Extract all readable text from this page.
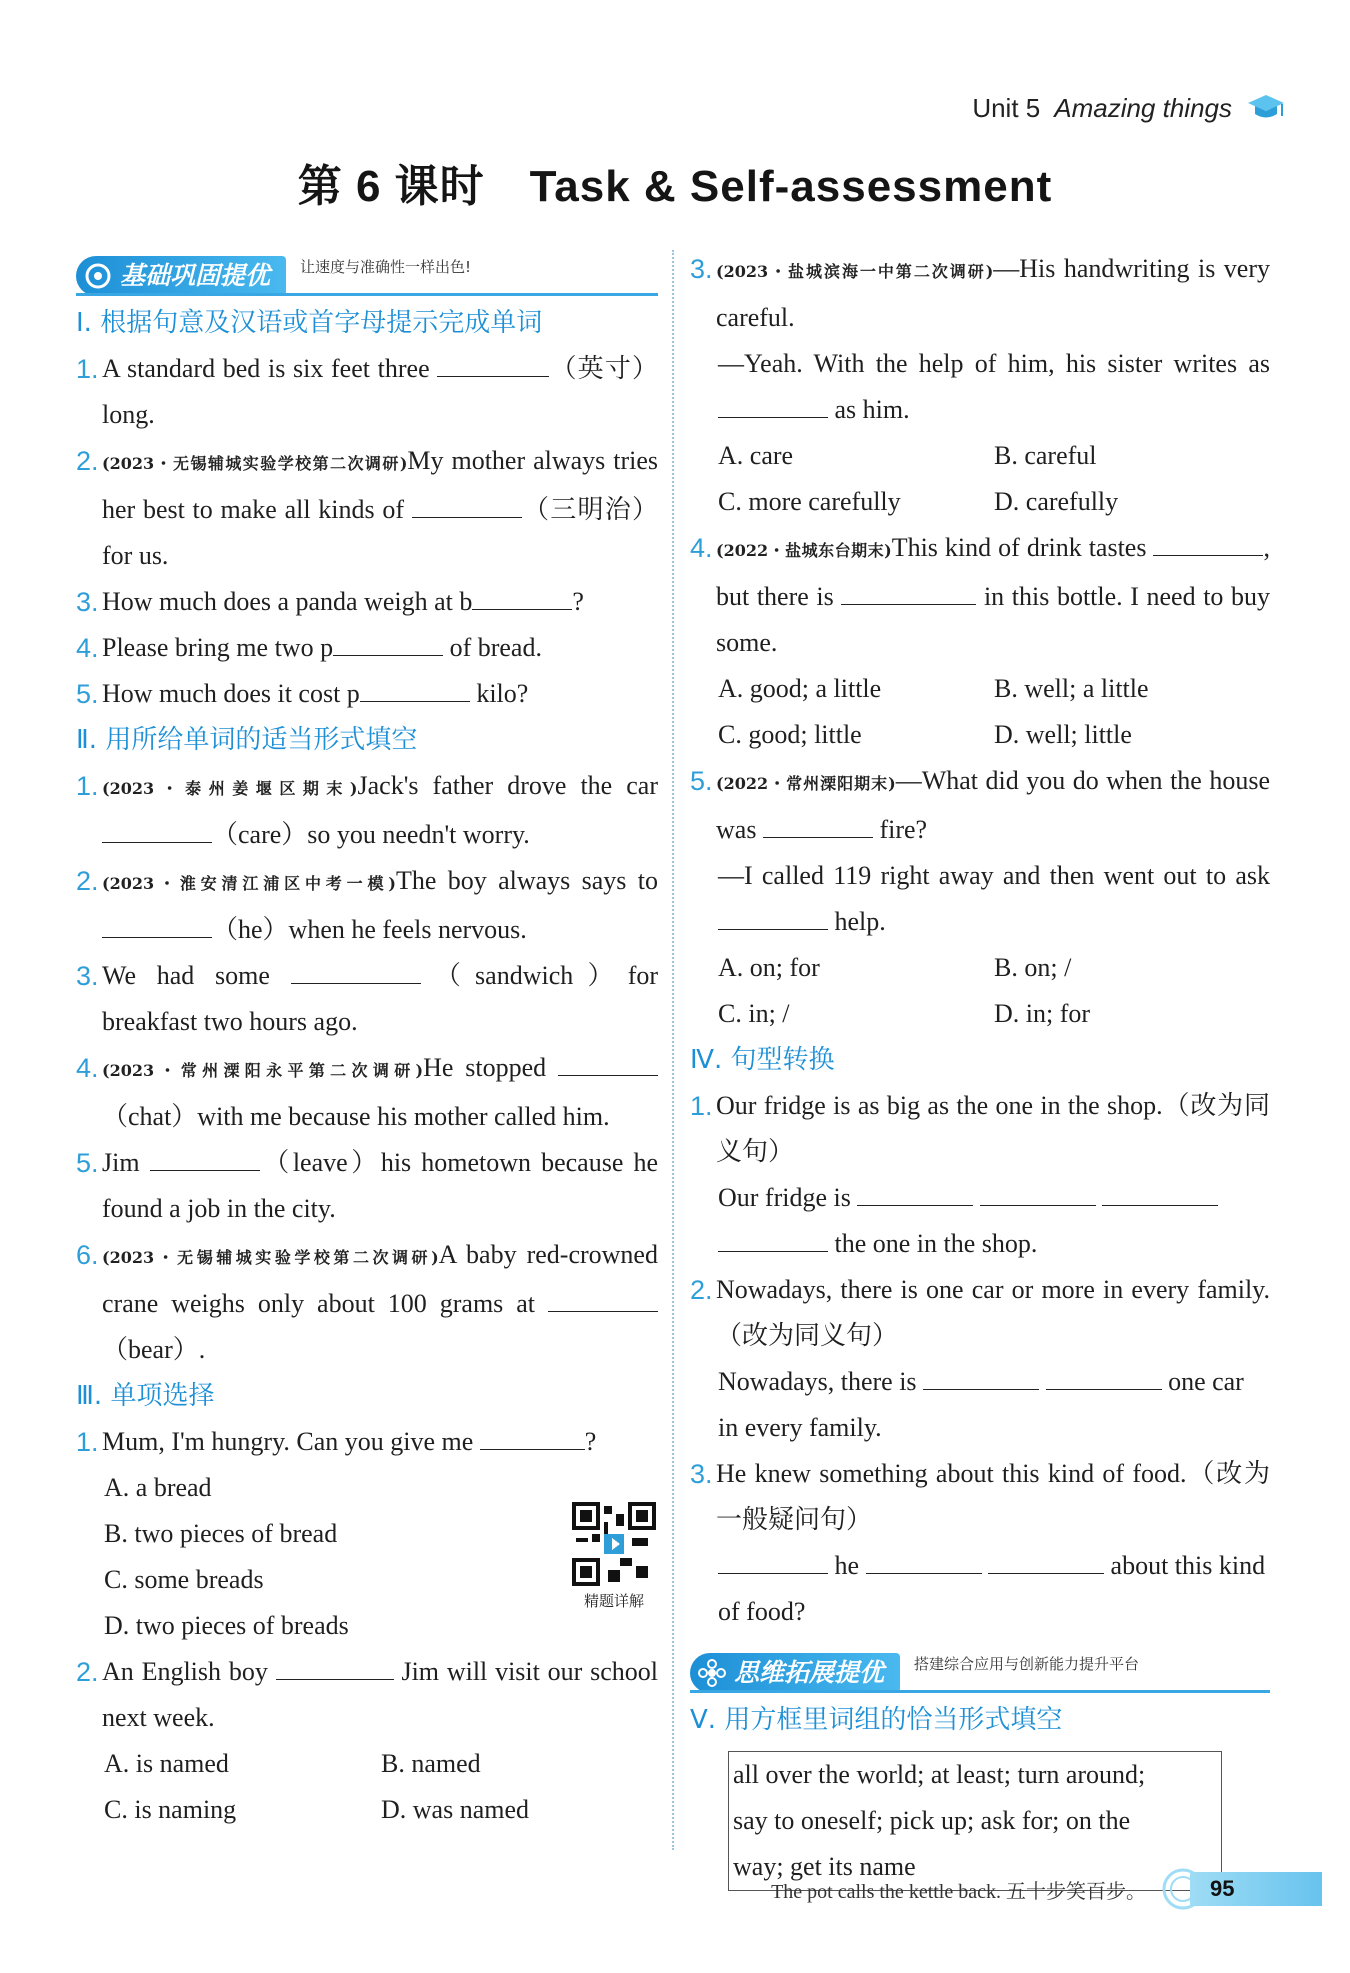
Unit 5 Amazing things
第 6 课时　Task & Self-assessment
基础巩固提优 让速度与准确性一样出色!

Ⅰ. 根据句意及汉语或首字母提示完成单词

1. A standard bed is six feet three	（英寸）long.
2. (2023・无锡辅城实验学校第二次调研)My mother always tries her best to make all kinds of	（三明治）for us.
3. How much does a panda weigh at b	?
4. Please bring me two p	of bread.
5. How much does it cost p	kilo?

Ⅱ. 用所给单词的适当形式填空

1. (2023・泰州姜堰区期末)Jack's father drove the car （care）so you needn't worry.
2. (2023・淮安清江浦区中考一模)The boy always says to （he）when he feels nervous.
3. We had some	（sandwich）for breakfast two hours ago.
4. (2023・常州溧阳永平第二次调研)He stopped （chat）with me because his mother called him.
5. Jim	（leave）his hometown because he found a job in the city.
6. (2023・无锡辅城实验学校第二次调研)A baby red-crowned crane weighs only about 100 grams at （bear）.

Ⅲ. 单项选择

1. Mum, I'm hungry. Can you give me	?
A. a bread
B. two pieces of bread
C. some breads
D. two pieces of breads
2. An English boy	Jim will visit our school next week.
A. is named	B. named
C. is naming	D. was named
精题详解
3. (2023・盐城滨海一中第二次调研)—His handwriting is very careful.
—Yeah. With the help of him, his sister writes as  as him.
A. care	B. careful
C. more carefully	D. carefully
4. (2022・盐城东台期末)This kind of drink tastes	, but there is	in this bottle. I need to buy some.
A. good; a little	B. well; a little
C. good; little	D. well; little
5. (2022・常州溧阳期末)—What did you do when the house was	fire?
—I called 119 right away and then went out to ask  help.
A. on; for	B. on; /
C. in; /	D. in; for

Ⅳ. 句型转换

1. Our fridge is as big as the one in the shop.（改为同义句）
Our fridge is     the one in the shop.
2. Nowadays, there is one car or more in every family.（改为同义句）
Nowadays, there is	one car in every family.
3. He knew something about this kind of food.（改为一般疑问句）
he	about this kind of food?
思维拓展提优 搭建综合应用与创新能力提升平台

Ⅴ. 用方框里词组的恰当形式填空

all over the world; at least; turn around;
say to oneself; pick up; ask for; on the
way; get its name
The pot calls the kettle back. 五十步笑百步。	95
